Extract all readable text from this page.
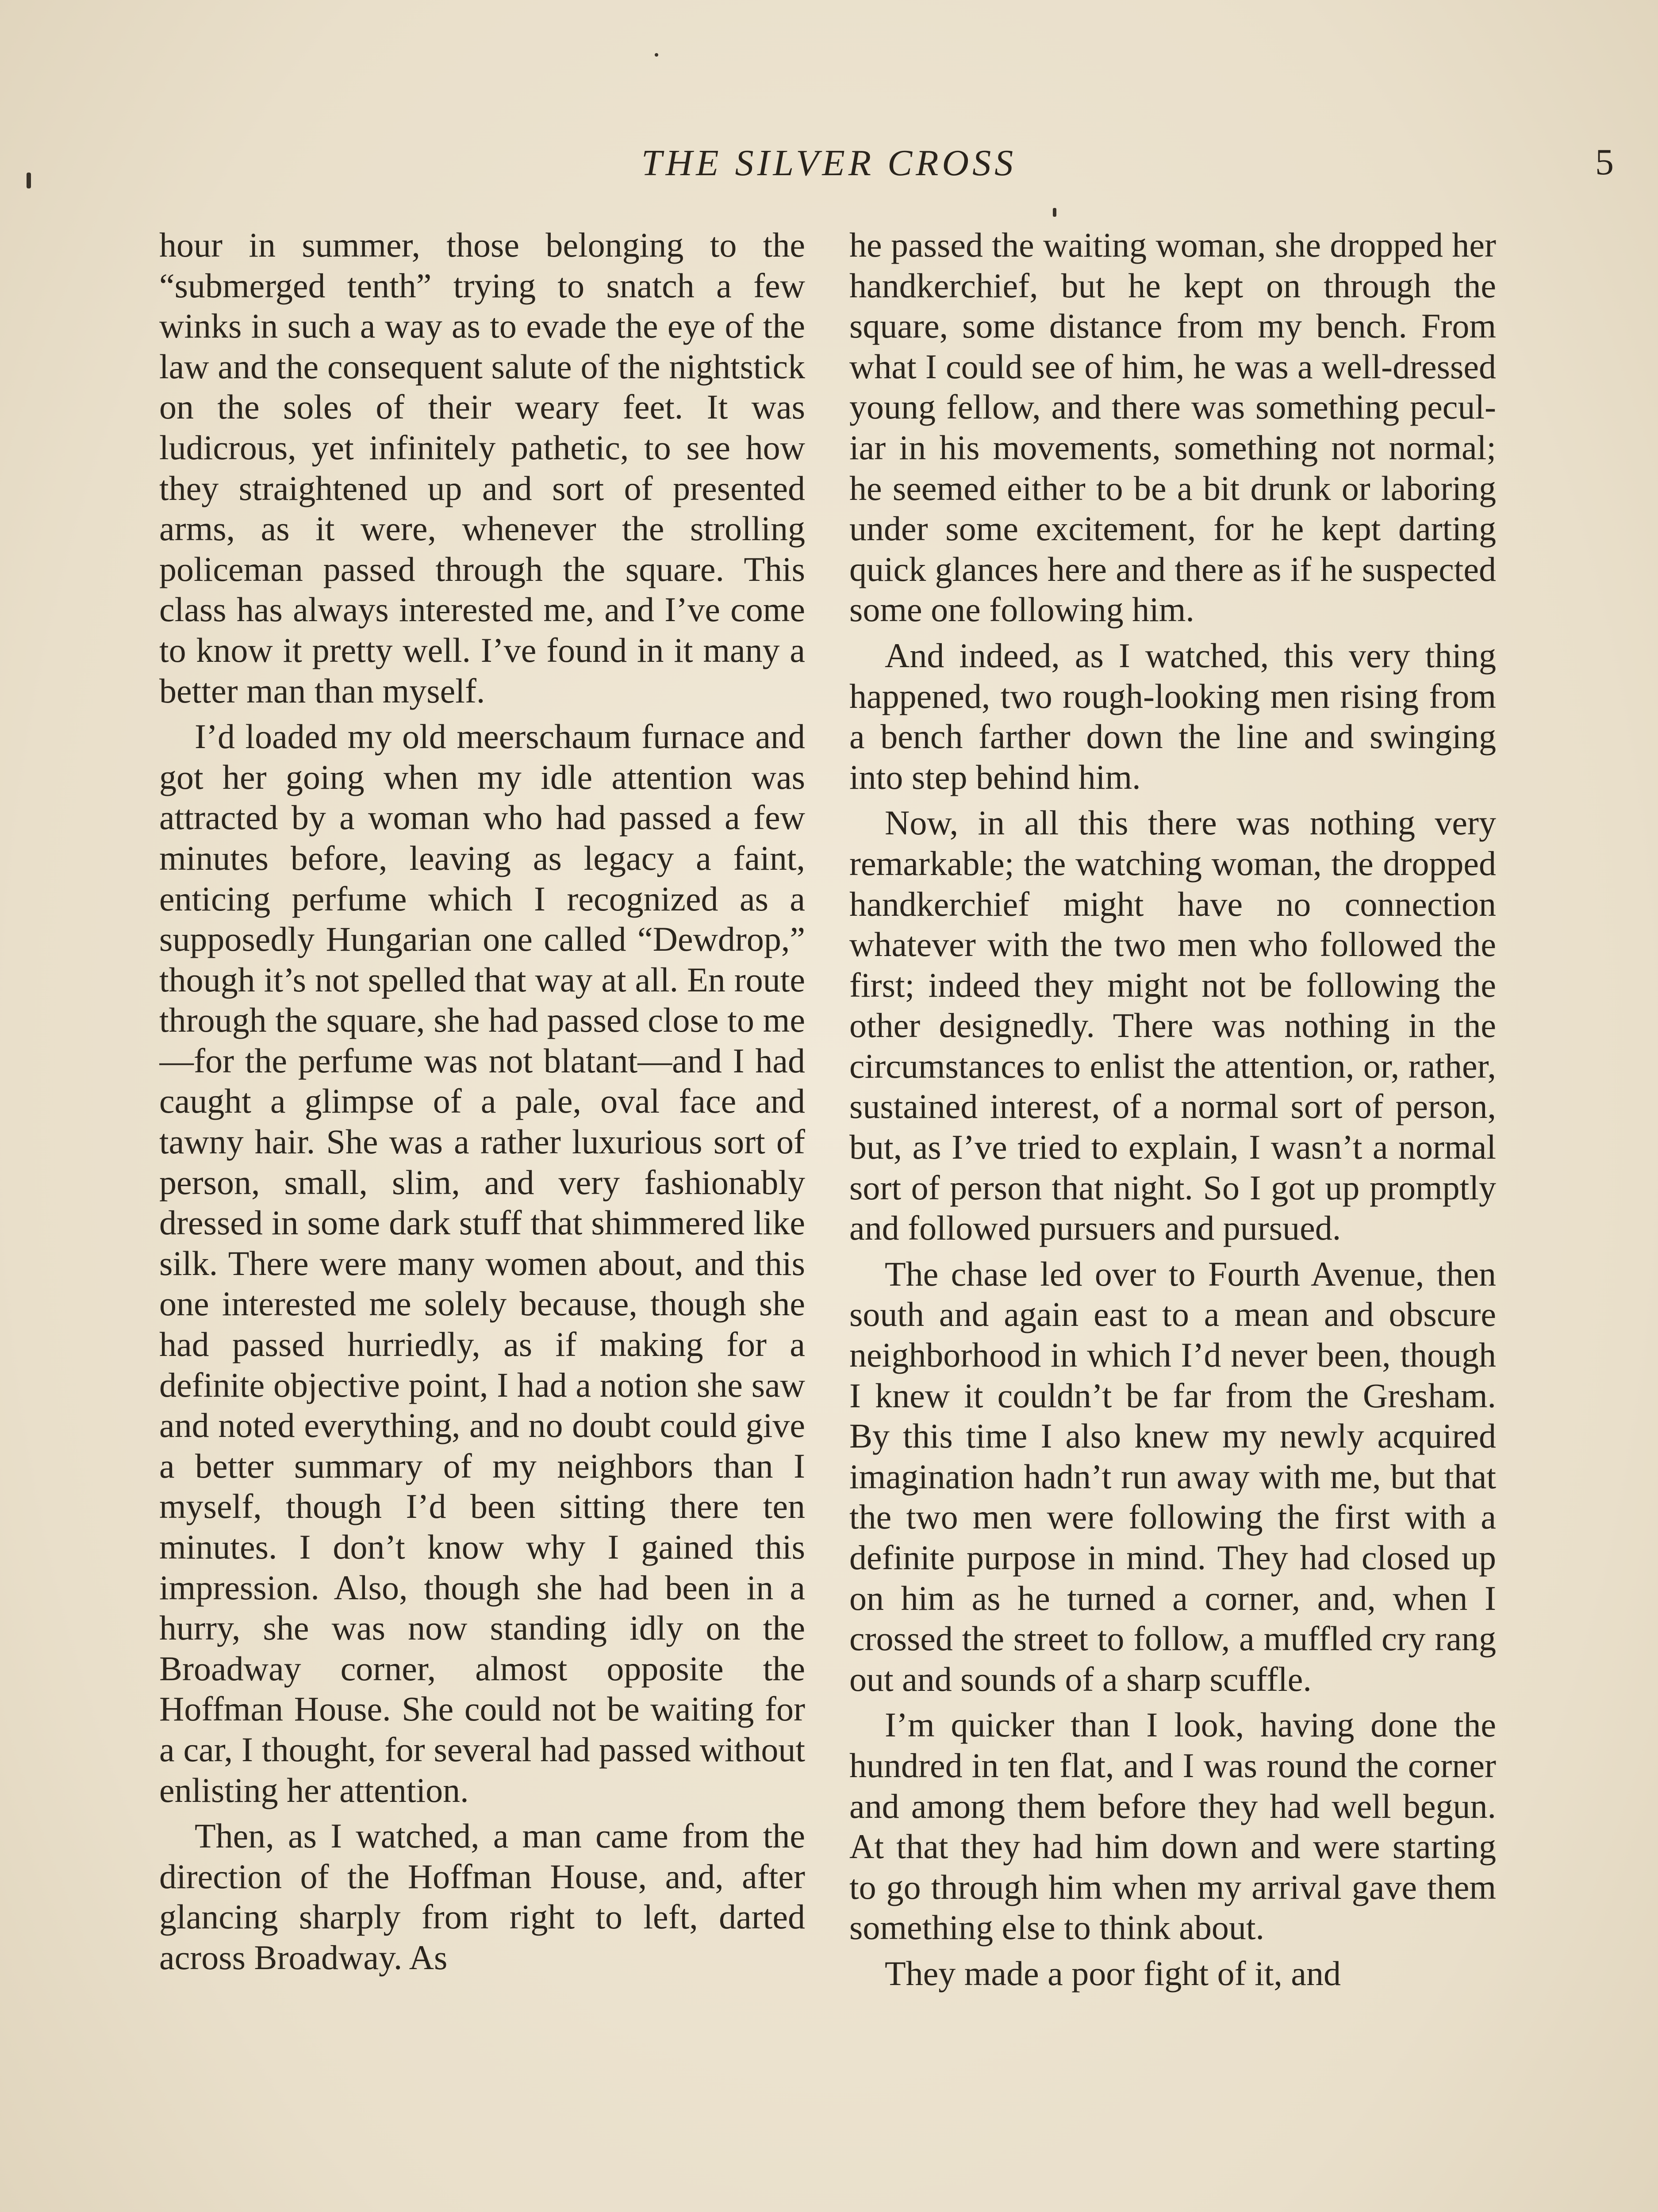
THE SILVER CROSS	5

hour in summer, those belonging to the “submerged tenth” trying to snatch a few winks in such a way as to evade the eye of the law and the consequent salute of the nightstick on the soles of their weary feet. It was ludicrous, yet infinitely pathetic, to see how they straightened up and sort of presented arms, as it were, whenever the strolling policeman passed through the square. This class has always interested me, and I’ve come to know it pretty well. I’ve found in it many a better man than myself.

I’d loaded my old meerschaum furnace and got her going when my idle attention was attracted by a woman who had passed a few minutes before, leaving as legacy a faint, enticing perfume which I recognized as a supposedly Hungarian one called “Dewdrop,” though it’s not spelled that way at all. En route through the square, she had passed close to me—for the perfume was not blatant—and I had caught a glimpse of a pale, oval face and tawny hair. She was a rather luxurious sort of person, small, slim, and very fashionably dressed in some dark stuff that shimmered like silk. There were many women about, and this one interested me solely because, though she had passed hurriedly, as if making for a definite objective point, I had a notion she saw and noted everything, and no doubt could give a better summary of my neighbors than I myself, though I’d been sitting there ten minutes. I don’t know why I gained this impression. Also, though she had been in a hurry, she was now standing idly on the Broadway corner, almost opposite the Hoffman House. She could not be waiting for a car, I thought, for several had passed without enlisting her attention.

Then, as I watched, a man came from the direction of the Hoffman House, and, after glancing sharply from right to left, darted across Broadway. As

he passed the waiting woman, she dropped her handkerchief, but he kept on through the square, some distance from my bench. From what I could see of him, he was a well-dressed young fellow, and there was something peculiar in his movements, something not normal; he seemed either to be a bit drunk or laboring under some excitement, for he kept darting quick glances here and there as if he suspected some one following him.

And indeed, as I watched, this very thing happened, two rough-looking men rising from a bench farther down the line and swinging into step behind him.

Now, in all this there was nothing very remarkable; the watching woman, the dropped handkerchief might have no connection whatever with the two men who followed the first; indeed they might not be following the other designedly. There was nothing in the circumstances to enlist the attention, or, rather, sustained interest, of a normal sort of person, but, as I’ve tried to explain, I wasn’t a normal sort of person that night. So I got up promptly and followed pursuers and pursued.

The chase led over to Fourth Avenue, then south and again east to a mean and obscure neighborhood in which I’d never been, though I knew it couldn’t be far from the Gresham. By this time I also knew my newly acquired imagination hadn’t run away with me, but that the two men were following the first with a definite purpose in mind. They had closed up on him as he turned a corner, and, when I crossed the street to follow, a muffled cry rang out and sounds of a sharp scuffle.

I’m quicker than I look, having done the hundred in ten flat, and I was round the corner and among them before they had well begun. At that they had him down and were starting to go through him when my arrival gave them something else to think about.

They made a poor fight of it, and
